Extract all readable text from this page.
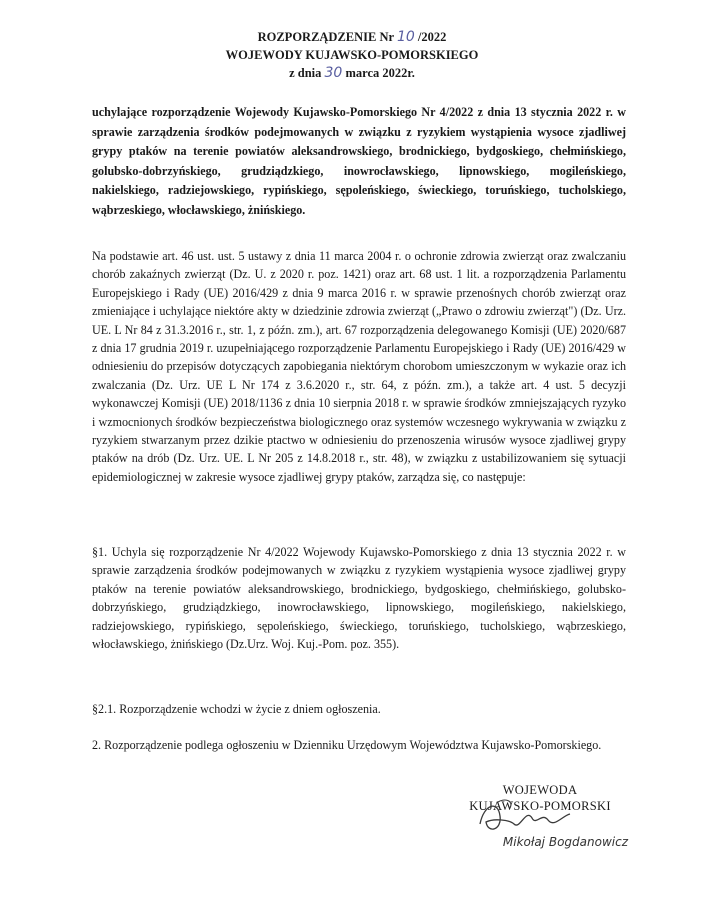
ROZPORZĄDZENIE Nr 10 /2022
WOJEWODY KUJAWSKO-POMORSKIEGO
z dnia 30 marca 2022r.
uchylające rozporządzenie Wojewody Kujawsko-Pomorskiego Nr 4/2022 z dnia 13 stycznia 2022 r. w sprawie zarządzenia środków podejmowanych w związku z ryzykiem wystąpienia wysoce zjadliwej grypy ptaków na terenie powiatów aleksandrowskiego, brodnickiego, bydgoskiego, chełmińskiego, golubsko-dobrzyńskiego, grudziądzkiego, inowrocławskiego, lipnowskiego, mogileńskiego, nakielskiego, radziejowskiego, rypińskiego, sępoleńskiego, świeckiego, toruńskiego, tucholskiego, wąbrzeskiego, włocławskiego, żnińskiego.
Na podstawie art. 46 ust. ust. 5 ustawy z dnia 11 marca 2004 r. o ochronie zdrowia zwierząt oraz zwalczaniu chorób zakaźnych zwierząt (Dz. U. z 2020 r. poz. 1421) oraz art. 68 ust. 1 lit. a rozporządzenia Parlamentu Europejskiego i Rady (UE) 2016/429 z dnia 9 marca 2016 r. w sprawie przenośnych chorób zwierząt oraz zmieniające i uchylające niektóre akty w dziedzinie zdrowia zwierząt („Prawo o zdrowiu zwierząt") (Dz. Urz. UE. L Nr 84 z 31.3.2016 r., str. 1, z późn. zm.), art. 67 rozporządzenia delegowanego Komisji (UE) 2020/687 z dnia 17 grudnia 2019 r. uzupełniającego rozporządzenie Parlamentu Europejskiego i Rady (UE) 2016/429 w odniesieniu do przepisów dotyczących zapobiegania niektórym chorobom umieszczonym w wykazie oraz ich zwalczania (Dz. Urz. UE L Nr 174 z 3.6.2020 r., str. 64, z późn. zm.), a także art. 4 ust. 5 decyzji wykonawczej Komisji (UE) 2018/1136 z dnia 10 sierpnia 2018 r. w sprawie środków zmniejszających ryzyko i wzmocnionych środków bezpieczeństwa biologicznego oraz systemów wczesnego wykrywania w związku z ryzykiem stwarzanym przez dzikie ptactwo w odniesieniu do przenoszenia wirusów wysoce zjadliwej grypy ptaków na drób (Dz. Urz. UE. L Nr 205 z 14.8.2018 r., str. 48), w związku z ustabilizowaniem się sytuacji epidemiologicznej w zakresie wysoce zjadliwej grypy ptaków, zarządza się, co następuje:
§1. Uchyla się rozporządzenie Nr 4/2022 Wojewody Kujawsko-Pomorskiego z dnia 13 stycznia 2022 r. w sprawie zarządzenia środków podejmowanych w związku z ryzykiem wystąpienia wysoce zjadliwej grypy ptaków na terenie powiatów aleksandrowskiego, brodnickiego, bydgoskiego, chełmińskiego, golubsko-dobrzyńskiego, grudziądzkiego, inowrocławskiego, lipnowskiego, mogileńskiego, nakielskiego, radziejowskiego, rypińskiego, sępoleńskiego, świeckiego, toruńskiego, tucholskiego, wąbrzeskiego, włocławskiego, żnińskiego (Dz.Urz. Woj. Kuj.-Pom. poz. 355).
§2.1. Rozporządzenie wchodzi w życie z dniem ogłoszenia.
2. Rozporządzenie podlega ogłoszeniu w Dzienniku Urzędowym Województwa Kujawsko-Pomorskiego.
WOJEWODA
KUJAWSKO-POMORSKI
Mikołaj Bogdanowicz
